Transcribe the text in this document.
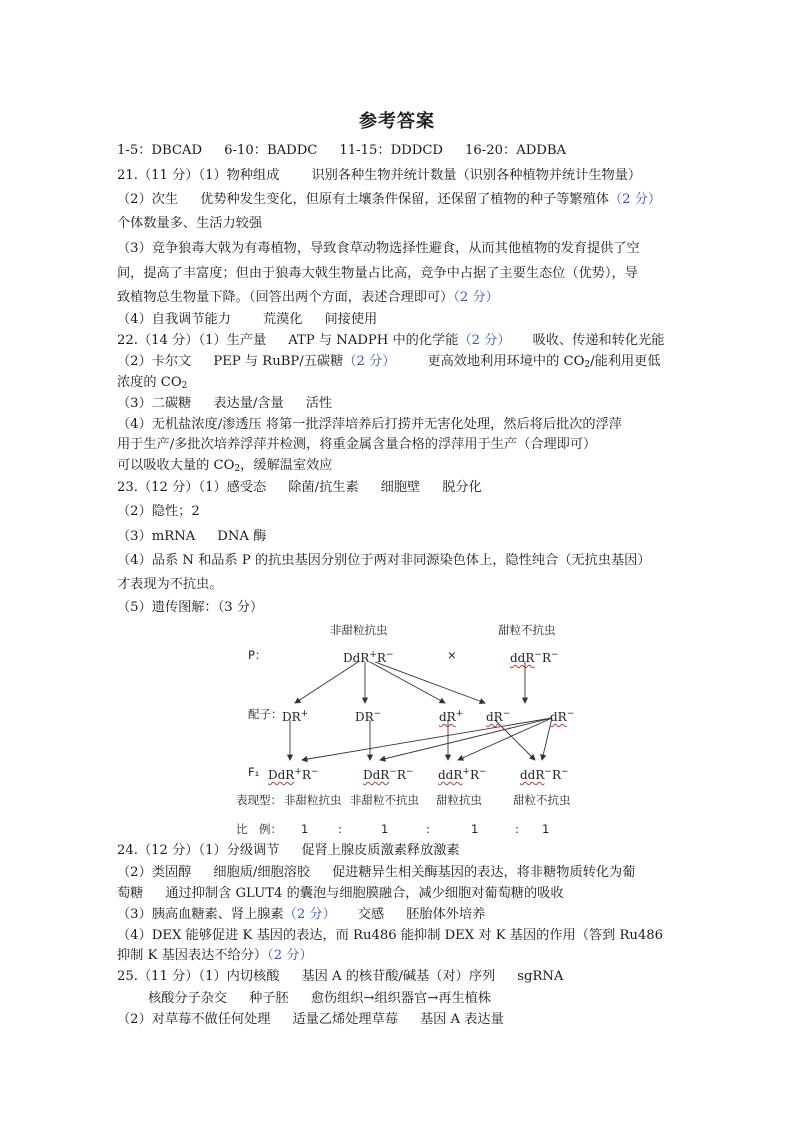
参考答案
1-5：DBCAD 6-10：BADDC 11-15：DDDCD 16-20：ADDBA
21.（11 分）（1）物种组成 识别各种生物并统计数量（识别各种植物并统计生物量）
（2）次生 优势种发生变化，但原有土壤条件保留，还保留了植物的种子等繁殖体（2 分）
个体数量多、生活力较强
（3）竞争狼毒大戟为有毒植物，导致食草动物选择性避食，从而其他植物的发育提供了空
间，提高了丰富度；但由于狼毒大戟生物量占比高，竞争中占据了主要生态位（优势），导
致植物总生物量下降。（回答出两个方面，表述合理即可）（2 分）
（4）自我调节能力 荒漠化 间接使用
22.（14 分）（1）生产量 ATP 与 NADPH 中的化学能（2 分） 吸收、传递和转化光能
（2）卡尔文 PEP 与 RuBP/五碳糖（2 分） 更高效地利用环境中的 $CO_2/$能利用更低
浓度的 $CO_2$
（3）二碳糖 表达量/含量 活性
（4）无机盐浓度/渗透压 将第一批浮萍培养后打捞并无害化处理，然后将后批次的浮萍
用于生产/多批次培养浮萍并检测，将重金属含量合格的浮萍用于生产（合理即可）
可以吸收大量的 $CO_2$，缓解温室效应
23.（12 分）（1）感受态 除菌/抗生素 细胞壁 脱分化
（2）隐性；2
（3）mRNA DNA 酶
（4）品系 N 和品系 P 的抗虫基因分别位于两对非同源染色体上，隐性纯合（无抗虫基因）
才表现为不抗虫。
（5）遗传图解：（3 分）
非甜粒抗虫	甜粒不抗虫
P：	DdR+R−	×	ddR−R−
配子： DR+	DR−	dR+ dR−	dR−
F₁ DdR+R−	DdR−R− ddR+R−	ddR−R−
表现型： 非甜粒抗虫 非甜粒不抗虫 甜粒抗虫	甜粒不抗虫
比　例： 1	:	1	:	1	: 1
24.（12 分）（1）分级调节 促肾上腺皮质激素释放激素
（2）类固醇 细胞质/细胞溶胶 促进糖异生相关酶基因的表达，将非糖物质转化为葡
萄糖 通过抑制含 GLUT4 的囊泡与细胞膜融合，减少细胞对葡萄糖的吸收
（3）胰高血糖素、肾上腺素（2 分） 交感 胚胎体外培养
（4）DEX 能够促进 K 基因的表达，而 Ru486 能抑制 DEX 对 K 基因的作用（答到 Ru486
抑制 K 基因表达不给分）（2 分）
25.（11 分）（1）内切核酸 基因 A 的核苷酸/碱基（对）序列 sgRNA
核酸分子杂交 种子胚 愈伤组织→组织器官→再生植株
（2）对草莓不做任何处理 适量乙烯处理草莓 基因 A 表达量
